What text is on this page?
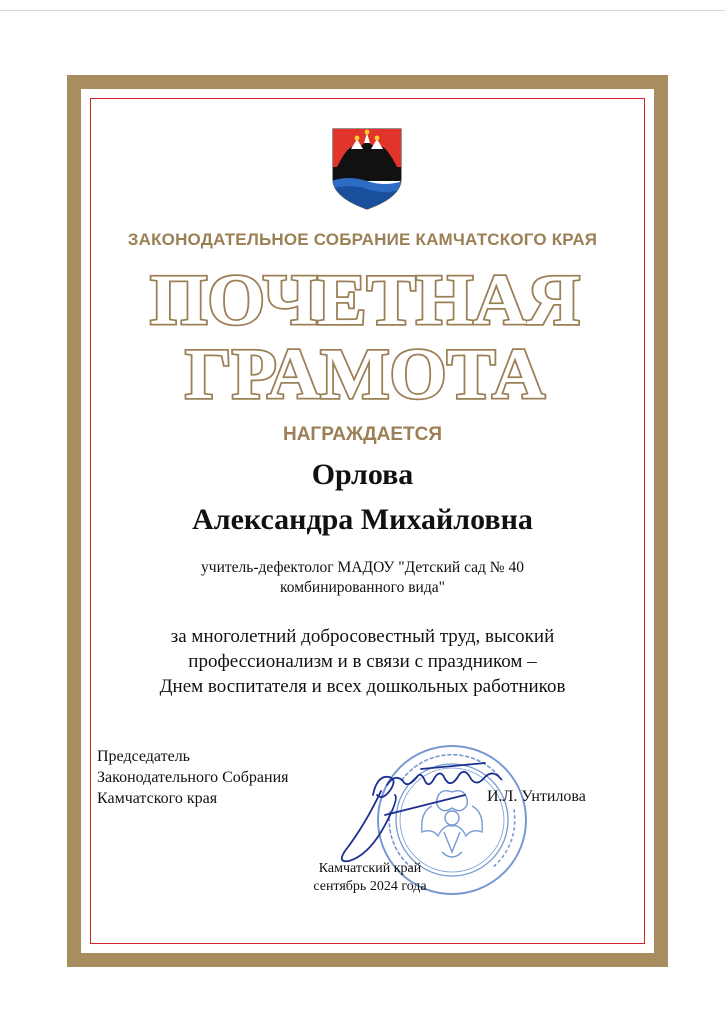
ЗАКОНОДАТЕЛЬНОЕ СОБРАНИЕ КАМЧАТСКОГО КРАЯ
ПОЧЕТНАЯ
ГРАМОТА
НАГРАЖДАЕТСЯ
Орлова
Александра Михайловна
учитель-дефектолог МАДОУ "Детский сад № 40
комбинированного вида"
за многолетний добросовестный труд, высокий
профессионализм и в связи с праздником –
Днем воспитателя и всех дошкольных работников
Председатель
Законодательного Собрания
Камчатского края	И.Л. Унтилова
Камчатский край
сентябрь 2024 года
